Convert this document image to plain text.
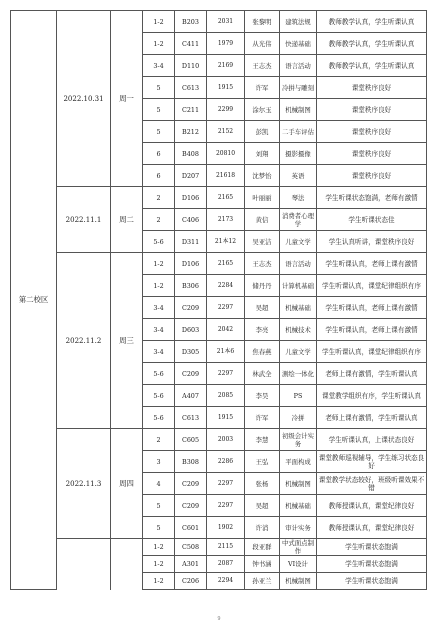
第二校区	2022.10.31	周一	1-2	B203	2031	张黎明	建筑法规	教师教学认真，学生听课认真
			1-2	C411	1979	从光伟	快递基础	教师教学认真，学生听课认真
			3-4	D110	2169	王志杰	语言活动	教师教学认真，学生听课认真
			5	C613	1915	许军	冷拼与雕刻	课堂秩序良好
			5	C211	2299	涂尔玉	机械制图	课堂秩序良好
			5	B212	2152	彭凯	二手车评估	课堂秩序良好
			6	B408	20810	刘翔	摄影摄像	课堂秩序良好
			6	D207	21618	沈梦怡	英语	课堂秩序良好
	2022.11.1	周二	2	D106	2165	叶丽丽	琴法	学生听课状态饱满，老师有激情
			2	C406	2173	黄信	消费者心理学	学生听课状态佳
			5-6	D311	21本12	吴亚洁	儿童文学	学生认真听讲，课堂秩序良好
	2022.11.2	周三	1-2	D106	2165	王志杰	语言活动	学生听课认真，老师上课有激情
			1-2	B306	2284	储丹丹	计算机基础	学生听课认真，课堂纪律组织有序
			3-4	C209	2297	吴超	机械基础	学生听课认真，老师上课有激情
			3-4	D603	2042	李亮	机械技术	学生听课认真，老师上课有激情
			3-4	D305	21本6	焦春燕	儿童文学	学生听课认真，课堂纪律组织有序
			5-6	C209	2297	林武全	測绘一体化	老师上课有激情，学生听课认真
			5-6	A407	2085	李昊	PS	课堂教学组织有序，学生听课认真
			5-6	C613	1915	许军	冷拼	老师上课有激情，学生听课认真
	2022.11.3	周四	2	C605	2003	李慧	初级会计实务	学生听课认真，上课状态良好
			3	B308	2286	王弘	平面构成	课堂教师巡视辅导，学生练习状态良好
			4	C209	2297	张杨	机械制图	课堂教学状态较好，班级听课效果不错
			5	C209	2297	吴超	机械基础	教师授课认真，课堂纪律良好
			5	C601	1902	许消	审计实务	教师授课认真，课堂纪律良好
			1-2	C508	2115	段亚群	中式面点制作	学生听课状态饱满
			1-2	A301	2087	钟书涵	VI设计	学生听课状态饱满
			1-2	C206	2294	孙亚兰	机械制图	学生听课状态饱满
9
